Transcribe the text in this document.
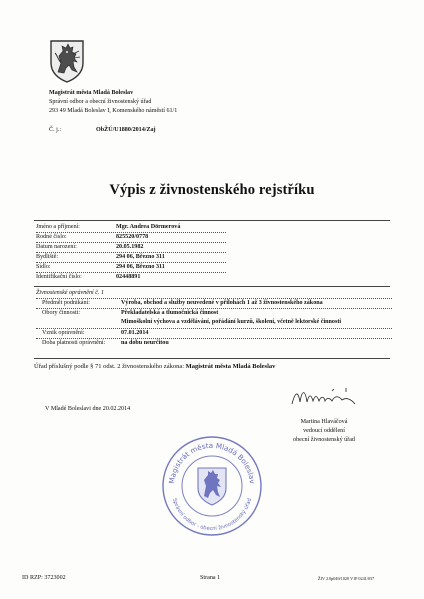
Magistrát města Mladá Boleslav
Správní odbor a obecní živnostenský úřad
293 49 Mladá Boleslav I, Komenského náměstí 61/1
Č. j.:	ObŽÚ/U1880/2014/Zaj
Výpis z živnostenského rejstříku
Jméno a příjmení:	Mgr. Andrea Dörmerová
Rodné číslo:	825520/0778
Datum narození:	20.05.1982
Bydliště:	294 06, Březno 311
Sídlo:	294 06, Březno 311
Identifikační číslo:	02448891
Živnostenské oprávnění č. 1
Předmět podnikání:	Výroba, obchod a služby neuvedené v přílohách 1 až 3 živnostenského zákona
Obory činnosti:	Překladatelská a tlumočnická činnost
Mimoškolní výchova a vzdělávání, pořádání kurzů, školení, včetně lektorské činnosti
Vznik oprávnění:	07.01.2014
Doba platnosti oprávnění:	na dobu neurčitou
Úřad příslušný podle § 71 odst. 2 živnostenského zákona: Magistrát města Mladá Boleslav
V Mladé Boleslavi dne 20.02.2014
Martina Hlaváčová
vedoucí oddělení
obecní živnostenský úřad
Magistrát města Mladá Boleslav
Správní odbor - obecní živnostenský úřad
ID RZP: 3723002	Strana 1	ŽIV 2.0p049/1020 V1P 0241/037
